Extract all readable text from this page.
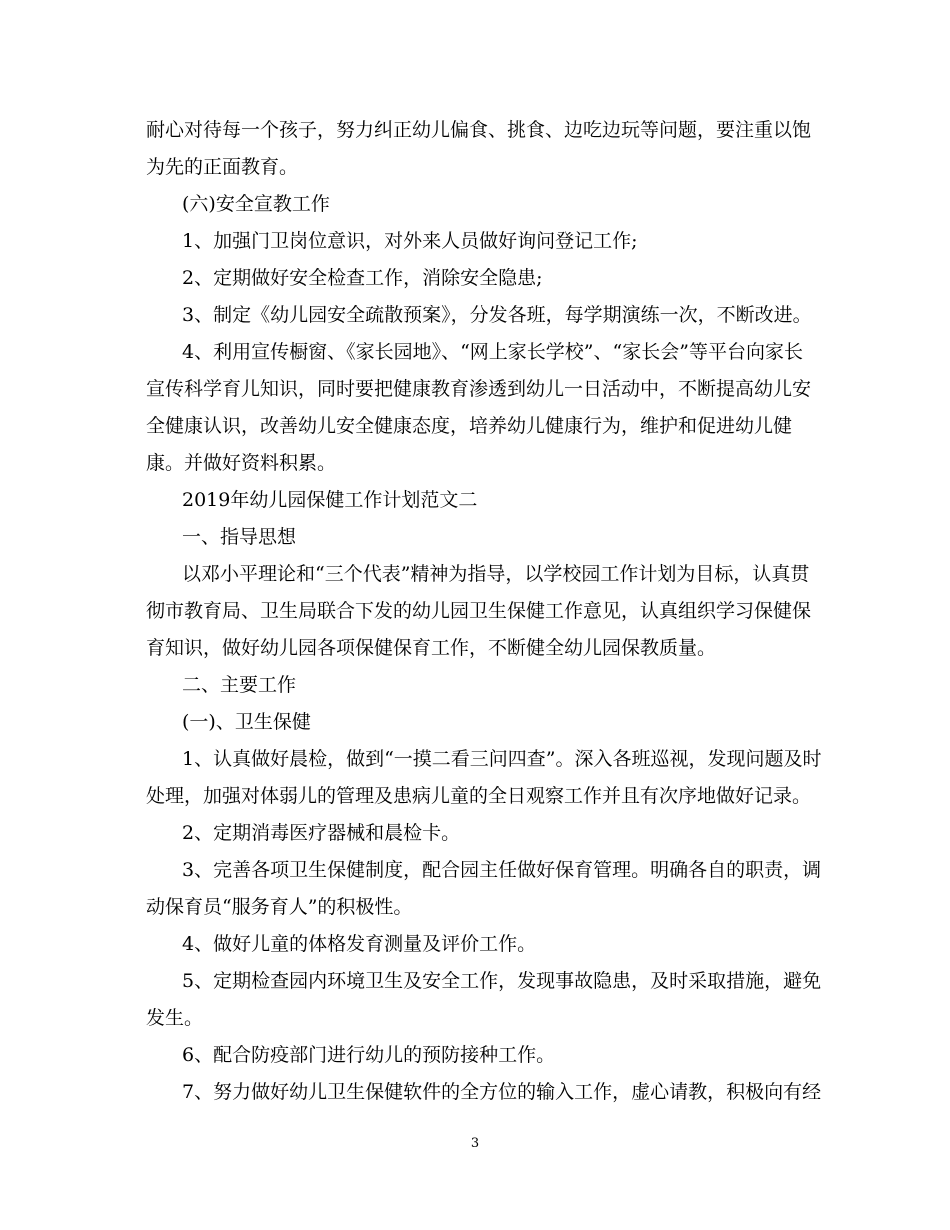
耐心对待每一个孩子，努力纠正幼儿偏食、挑食、边吃边玩等问题，要注重以饱
为先的正面教育。
(六)安全宣教工作
1、加强门卫岗位意识，对外来人员做好询问登记工作;
2、定期做好安全检查工作，消除安全隐患;
3、制定《幼儿园安全疏散预案》，分发各班，每学期演练一次，不断改进。
4、利用宣传橱窗、《家长园地》、“网上家长学校”、“家长会”等平台向家长
宣传科学育儿知识，同时要把健康教育渗透到幼儿一日活动中，不断提高幼儿安
全健康认识，改善幼儿安全健康态度，培养幼儿健康行为，维护和促进幼儿健
康。并做好资料积累。
2019年幼儿园保健工作计划范文二
一、指导思想
以邓小平理论和“三个代表”精神为指导，以学校园工作计划为目标，认真贯
彻市教育局、卫生局联合下发的幼儿园卫生保健工作意见，认真组织学习保健保
育知识，做好幼儿园各项保健保育工作，不断健全幼儿园保教质量。
二、主要工作
(一)、卫生保健
1、认真做好晨检，做到“一摸二看三问四查”。深入各班巡视，发现问题及时
处理，加强对体弱儿的管理及患病儿童的全日观察工作并且有次序地做好记录。
2、定期消毒医疗器械和晨检卡。
3、完善各项卫生保健制度，配合园主任做好保育管理。明确各自的职责，调
动保育员“服务育人”的积极性。
4、做好儿童的体格发育测量及评价工作。
5、定期检查园内环境卫生及安全工作，发现事故隐患，及时采取措施，避免
发生。
6、配合防疫部门进行幼儿的预防接种工作。
7、努力做好幼儿卫生保健软件的全方位的输入工作，虚心请教，积极向有经
3
